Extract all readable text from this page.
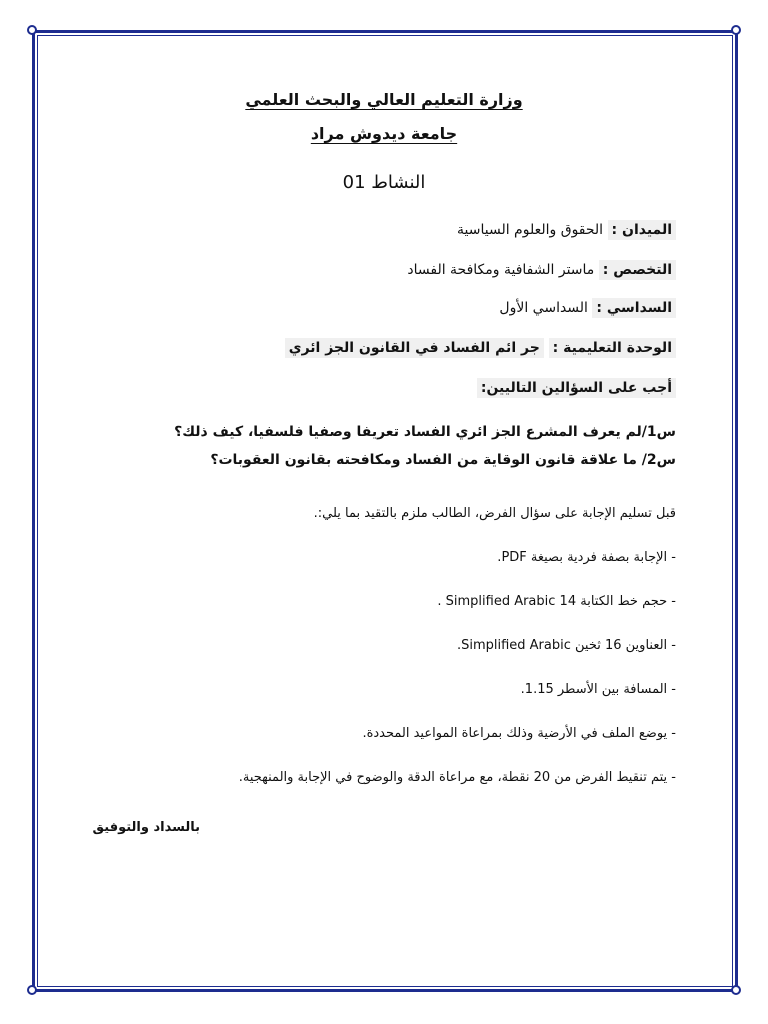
وزارة التعليم العالي والبحث العلمي

جامعة ديدوش مراد

النشاط 01

الميدان : الحقوق والعلوم السياسية

التخصص : ماستر الشفافية ومكافحة الفساد

السداسي : السداسي الأول

الوحدة التعليمية : جر ائم الفساد في القانون الجز ائري

أجب على السؤالين التاليين:

س1/لم يعرف المشرع الجز ائري الفساد تعريفا وصفيا فلسفيا، كيف ذلك؟

س2/ ما علاقة قانون الوقاية من الفساد ومكافحته بقانون العقوبات؟

قبل تسليم الإجابة على سؤال الفرض، الطالب ملزم بالتقيد بما يلي:.

- الإجابة بصفة فردية بصيغة PDF.

- حجم خط الكتابة Simplified Arabic 14 .

- العناوين 16 ثخين Simplified Arabic.

- المسافة بين الأسطر 1.15.

- يوضع الملف في الأرضية وذلك بمراعاة المواعيد المحددة.

- يتم تنقيط الفرض من 20 نقطة، مع مراعاة الدقة والوضوح في الإجابة والمنهجية.

بالسداد والتوفيق
